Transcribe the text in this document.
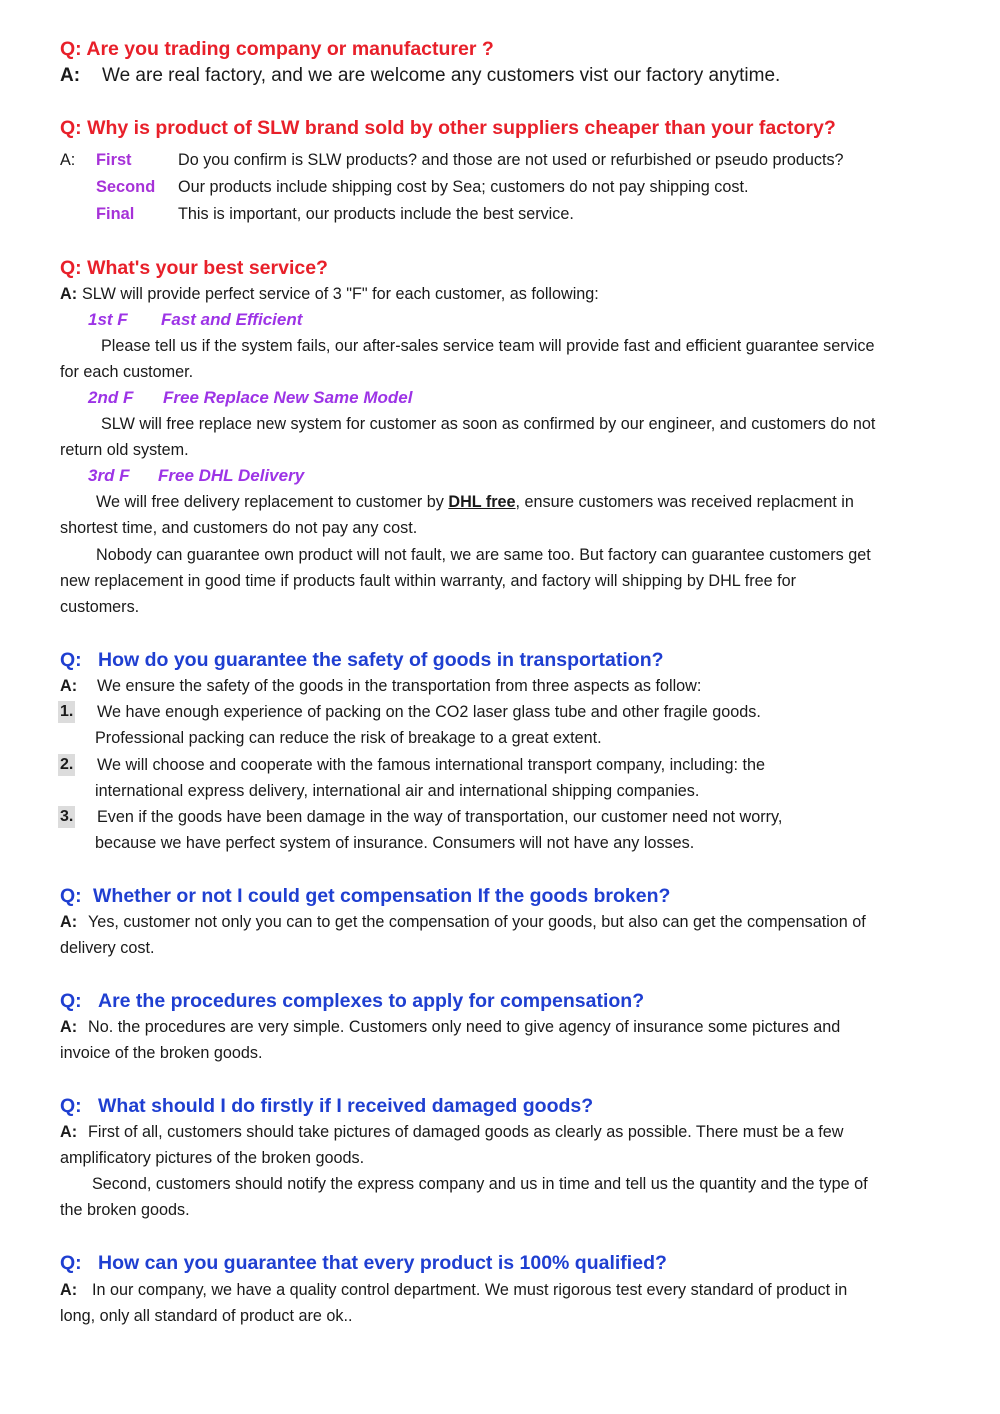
Q: Are you trading company or manufacturer ?
A: We are real factory, and we are welcome any customers vist our factory anytime.
Q: Why is product of SLW brand sold by other suppliers cheaper than your factory?
A: First	Do you confirm is SLW products? and those are not used or refurbished or pseudo products?
Second Our products include shipping cost by Sea; customers do not pay shipping cost.
Final	This is important, our products include the best service.
Q: What's your best service?
A: SLW will provide perfect service of 3 "F" for each customer, as following:
1st F Fast and Efficient
Please tell us if the system fails, our after-sales service team will provide fast and efficient guarantee service
for each customer.
2nd F Free Replace New Same Model
SLW will free replace new system for customer as soon as confirmed by our engineer, and customers do not
return old system.
3rd F Free DHL Delivery
We will free delivery replacement to customer by DHL free, ensure customers was received replacment in
shortest time, and customers do not pay any cost.
Nobody can guarantee own product will not fault, we are same too. But factory can guarantee customers get
new replacement in good time if products fault within warranty, and factory will shipping by DHL free for
customers.
Q: How do you guarantee the safety of goods in transportation?
A: We ensure the safety of the goods in the transportation from three aspects as follow:
1. We have enough experience of packing on the CO2 laser glass tube and other fragile goods.
Professional packing can reduce the risk of breakage to a great extent.
2. We will choose and cooperate with the famous international transport company, including: the
international express delivery, international air and international shipping companies.
3. Even if the goods have been damage in the way of transportation, our customer need not worry,
because we have perfect system of insurance. Consumers will not have any losses.
Q: Whether or not I could get compensation If the goods broken?
A: Yes, customer not only you can to get the compensation of your goods, but also can get the compensation of
delivery cost.
Q: Are the procedures complexes to apply for compensation?
A: No. the procedures are very simple. Customers only need to give agency of insurance some pictures and
invoice of the broken goods.
Q: What should I do firstly if I received damaged goods?
A: First of all, customers should take pictures of damaged goods as clearly as possible. There must be a few
amplificatory pictures of the broken goods.
Second, customers should notify the express company and us in time and tell us the quantity and the type of
the broken goods.
Q: How can you guarantee that every product is 100% qualified?
A: In our company, we have a quality control department. We must rigorous test every standard of product in
long, only all standard of product are ok..
